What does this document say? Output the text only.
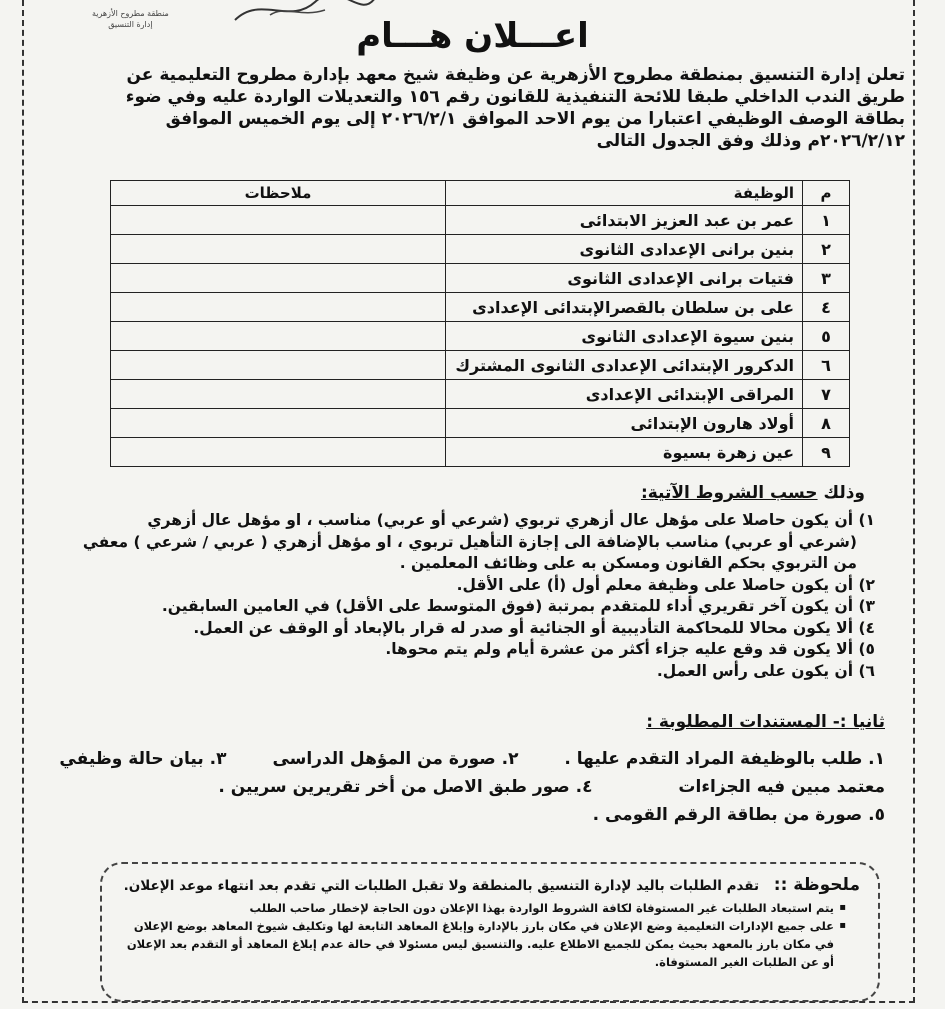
منطقة مطروح الأزهرية
إدارة التنسيق	اعـــلان هـــام
تعلن إدارة التنسيق بمنطقة مطروح الأزهرية عن وظيفة شيخ معهد بإدارة مطروح التعليمية عن
طريق الندب الداخلي طبقا للائحة التنفيذية للقانون رقم ١٥٦ والتعديلات الواردة عليه وفي ضوء
بطاقة الوصف الوظيفي اعتبارا من يوم الاحد الموافق ٢٠٢٦/٢/١ إلى يوم الخميس الموافق
٢٠٢٦/٢/١٢م وذلك وفق الجدول التالى
م	الوظيفة	ملاحظات
١	عمر بن عبد العزيز الابتدائى	
٢	بنين برانى الإعدادى الثانوى	
٣	فتيات برانى الإعدادى الثانوى	
٤	على بن سلطان بالقصرالإبتدائى الإعدادى	
٥	بنين سيوة الإعدادى الثانوى	
٦	الدكرور الإبتدائى الإعدادى الثانوى المشترك	
٧	المراقى الإبتدائى الإعدادى	
٨	أولاد هارون الإبتدائى	
٩	عين زهرة بسيوة	
وذلك حسب الشروط الآتية:
١) أن يكون حاصلا على مؤهل عال أزهري تربوي (شرعي أو عربي) مناسب ، او مؤهل عال أزهري
(شرعي أو عربي) مناسب بالإضافة الى إجازة التأهيل تربوي ، او مؤهل أزهري ( عربي / شرعي ) معفي
من التربوي بحكم القانون ومسكن به على وظائف المعلمين .
٢) أن يكون حاصلا على وظيفة معلم أول (أ) على الأقل.
٣) أن يكون آخر تقريري أداء للمتقدم بمرتبة (فوق المتوسط على الأقل) في العامين السابقين.
٤) ألا يكون محالا للمحاكمة التأديبية أو الجنائية أو صدر له قرار بالإبعاد أو الوقف عن العمل.
٥) ألا يكون قد وقع عليه جزاء أكثر من عشرة أيام ولم يتم محوها.
٦) أن يكون على رأس العمل.
ثانيا :- المستندات المطلوبة :
١. طلب بالوظيفة المراد التقدم عليها . ٢. صورة من المؤهل الدراسى ٣. بيان حالة وظيفي
معتمد مبين فيه الجزاءات ٤. صور طبق الاصل من أخر تقريرين سريين .
٥. صورة من بطاقة الرقم القومى .
ملحوظة :: تقدم الطلبات باليد لإدارة التنسيق بالمنطقة ولا تقبل الطلبات التي تقدم بعد انتهاء موعد الإعلان.
▪ يتم استبعاد الطلبات غير المستوفاة لكافة الشروط الواردة بهذا الإعلان دون الحاجة لإخطار صاحب الطلب
▪ على جميع الإدارات التعليمية وضع الإعلان في مكان بارز بالإدارة وإبلاغ المعاهد التابعة لها وتكليف شيوخ المعاهد بوضع الإعلان في مكان بارز بالمعهد بحيث يمكن للجميع الاطلاع عليه. والتنسيق ليس مسئولا في حالة عدم إبلاغ المعاهد أو التقدم بعد الإعلان أو عن الطلبات الغير المستوفاة.
